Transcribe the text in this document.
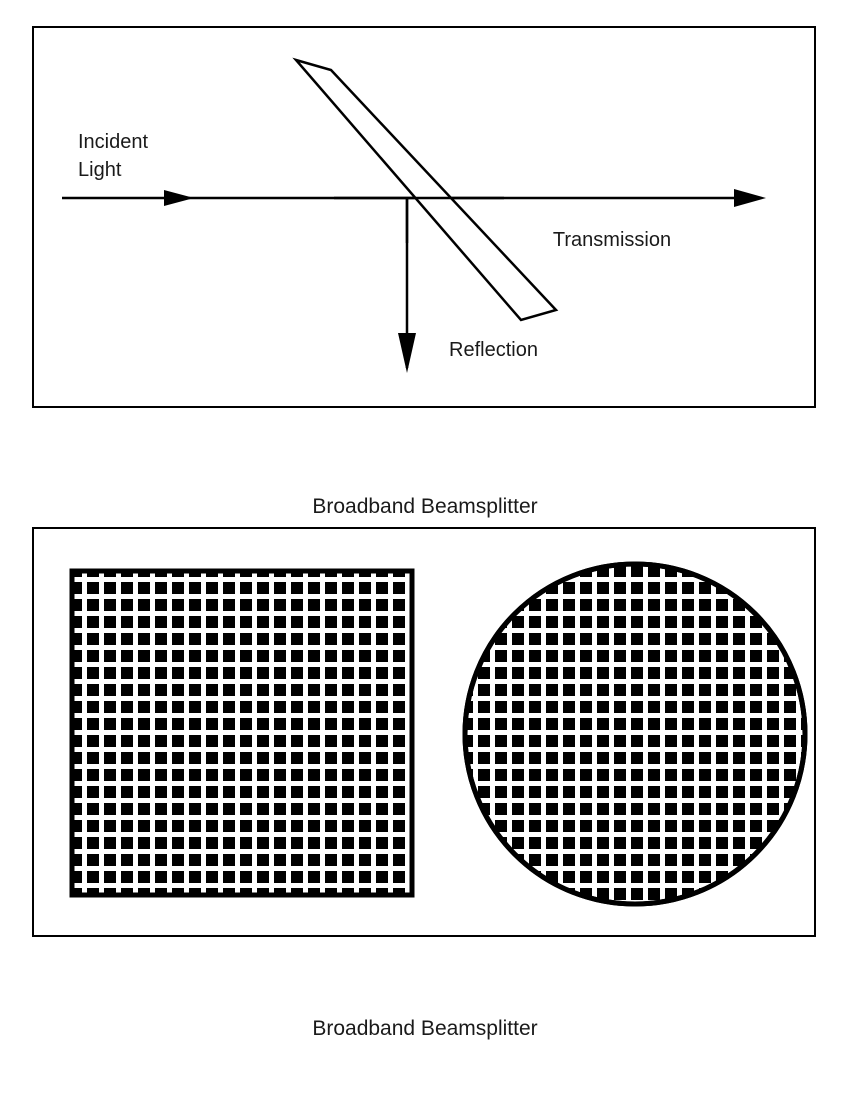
Incident
Light
Transmission
Reflection

Broadband Beamsplitter

Broadband Beamsplitter
